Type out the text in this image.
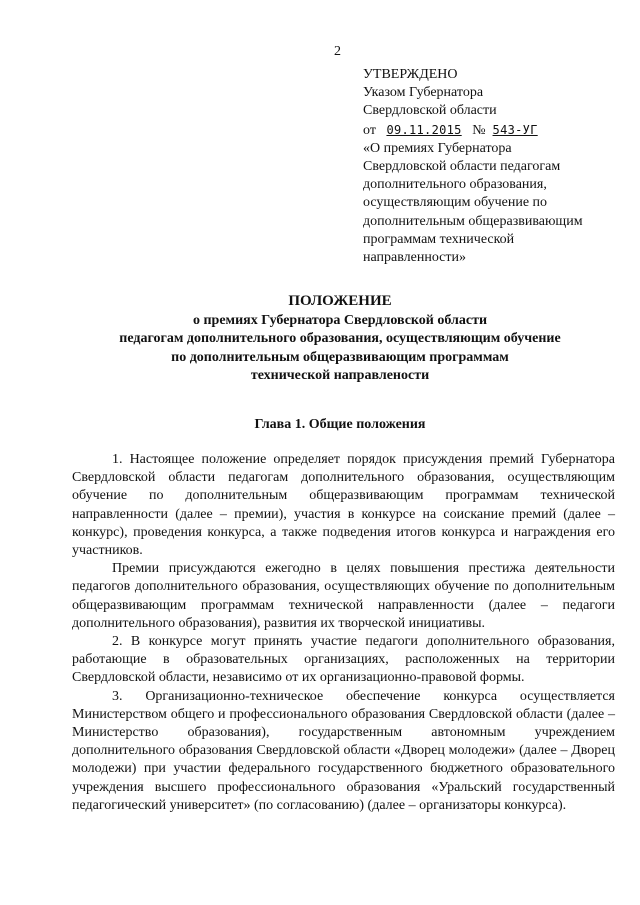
2
УТВЕРЖДЕНО
Указом Губернатора
Свердловской области
от 09.11.2015 № 543-УГ
«О премиях Губернатора
Свердловской области педагогам
дополнительного образования,
осуществляющим обучение по
дополнительным общеразвивающим
программам технической
направленности»
ПОЛОЖЕНИЕ
о премиях Губернатора Свердловской области
педагогам дополнительного образования, осуществляющим обучение
по дополнительным общеразвивающим программам
технической направлености
Глава 1. Общие положения

1. Настоящее положение определяет порядок присуждения премий Губернатора Свердловской области педагогам дополнительного образования, осуществляющим обучение по дополнительным общеразвивающим программам технической направленности (далее – премии), участия в конкурсе на соискание премий (далее – конкурс), проведения конкурса, а также подведения итогов конкурса и награждения его участников.

Премии присуждаются ежегодно в целях повышения престижа деятельности педагогов дополнительного образования, осуществляющих обучение по дополнительным общеразвивающим программам технической направленности (далее – педагоги дополнительного образования), развития их творческой инициативы.

2. В конкурсе могут принять участие педагоги дополнительного образования, работающие в образовательных организациях, расположенных на территории Свердловской области, независимо от их организационно-правовой формы.

3. Организационно-техническое обеспечение конкурса осуществляется Министерством общего и профессионального образования Свердловской области (далее – Министерство образования), государственным автономным учреждением дополнительного образования Свердловской области «Дворец молодежи» (далее – Дворец молодежи) при участии федерального государственного бюджетного образовательного учреждения высшего профессионального образования «Уральский государственный педагогический университет» (по согласованию) (далее – организаторы конкурса).
